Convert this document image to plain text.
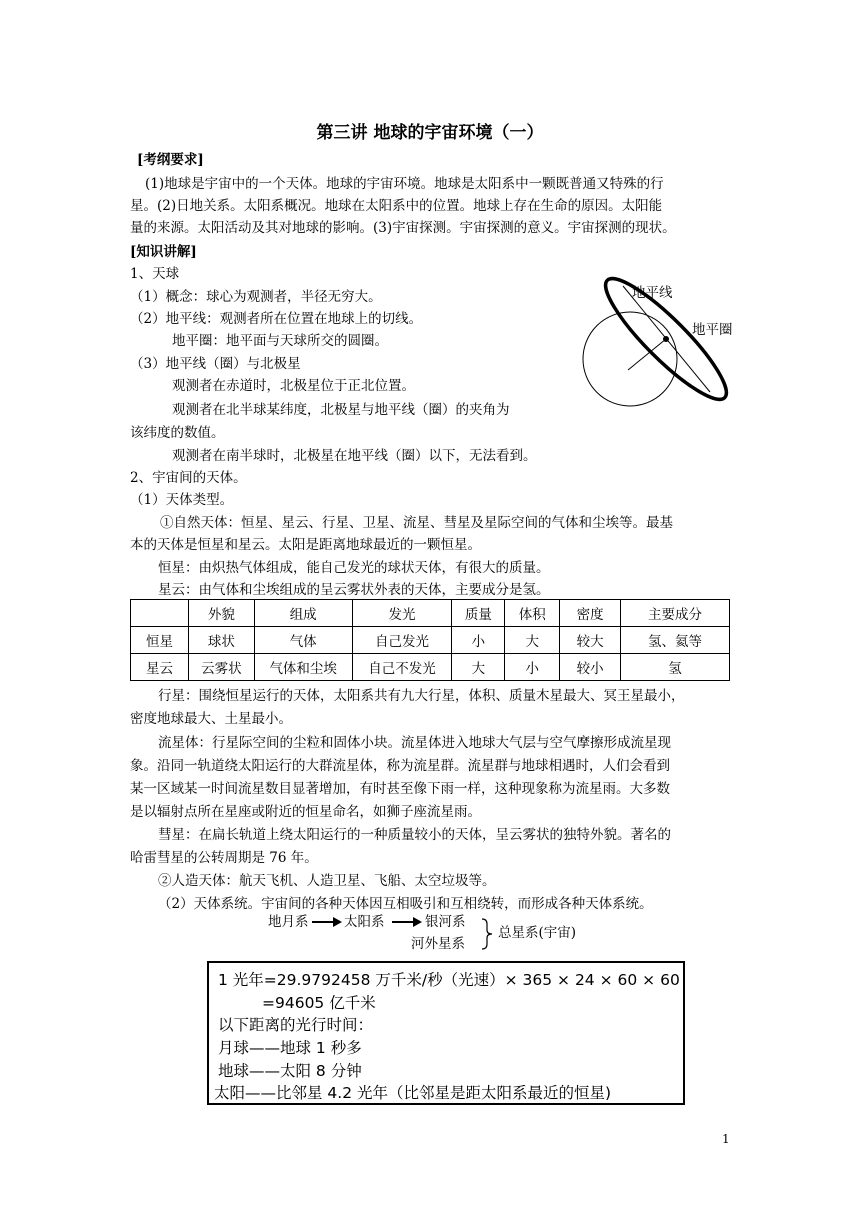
第三讲 地球的宇宙环境（一）
[考纲要求]
(1)地球是宇宙中的一个天体。地球的宇宙环境。地球是太阳系中一颗既普通又特殊的行
星。(2)日地关系。太阳系概况。地球在太阳系中的位置。地球上存在生命的原因。太阳能
量的来源。太阳活动及其对地球的影响。(3)宇宙探测。宇宙探测的意义。宇宙探测的现状。
[知识讲解]
1、天球
（1）概念：球心为观测者，半径无穷大。
（2）地平线：观测者所在位置在地球上的切线。
地平圈：地平面与天球所交的圆圈。
（3）地平线（圈）与北极星
观测者在赤道时，北极星位于正北位置。
观测者在北半球某纬度，北极星与地平线（圈）的夹角为
该纬度的数值。
观测者在南半球时，北极星在地平线（圈）以下，无法看到。
地平线
地平圈
2、宇宙间的天体。
（1）天体类型。
①自然天体：恒星、星云、行星、卫星、流星、彗星及星际空间的气体和尘埃等。最基
本的天体是恒星和星云。太阳是距离地球最近的一颗恒星。
恒星：由炽热气体组成，能自己发光的球状天体，有很大的质量。
星云：由气体和尘埃组成的呈云雾状外表的天体，主要成分是氢。
	外貌	组成	发光	质量	体积	密度	主要成分
恒星	球状	气体	自己发光	小	大	较大	氢、氦等
星云	云雾状	气体和尘埃	自己不发光	大	小	较小	氢
行星：围绕恒星运行的天体，太阳系共有九大行星，体积、质量木星最大、冥王星最小，
密度地球最大、土星最小。
流星体：行星际空间的尘粒和固体小块。流星体进入地球大气层与空气摩擦形成流星现
象。沿同一轨道绕太阳运行的大群流星体，称为流星群。流星群与地球相遇时，人们会看到
某一区域某一时间流星数目显著增加，有时甚至像下雨一样，这种现象称为流星雨。大多数
是以辐射点所在星座或附近的恒星命名，如狮子座流星雨。
彗星：在扁长轨道上绕太阳运行的一种质量较小的天体，呈云雾状的独特外貌。著名的
哈雷彗星的公转周期是 76 年。
②人造天体：航天飞机、人造卫星、飞船、太空垃圾等。
（2）天体系统。宇宙间的各种天体因互相吸引和互相绕转，而形成各种天体系统。
地月系	太阳系	银河系
河外星系
总星系(宇宙)
1 光年=29.9792458 万千米/秒（光速）× 365 × 24 × 60 × 60
=94605 亿千米
以下距离的光行时间：
月球——地球 1 秒多
地球——太阳 8 分钟
太阳——比邻星 4.2 光年（比邻星是距太阳系最近的恒星)
1
